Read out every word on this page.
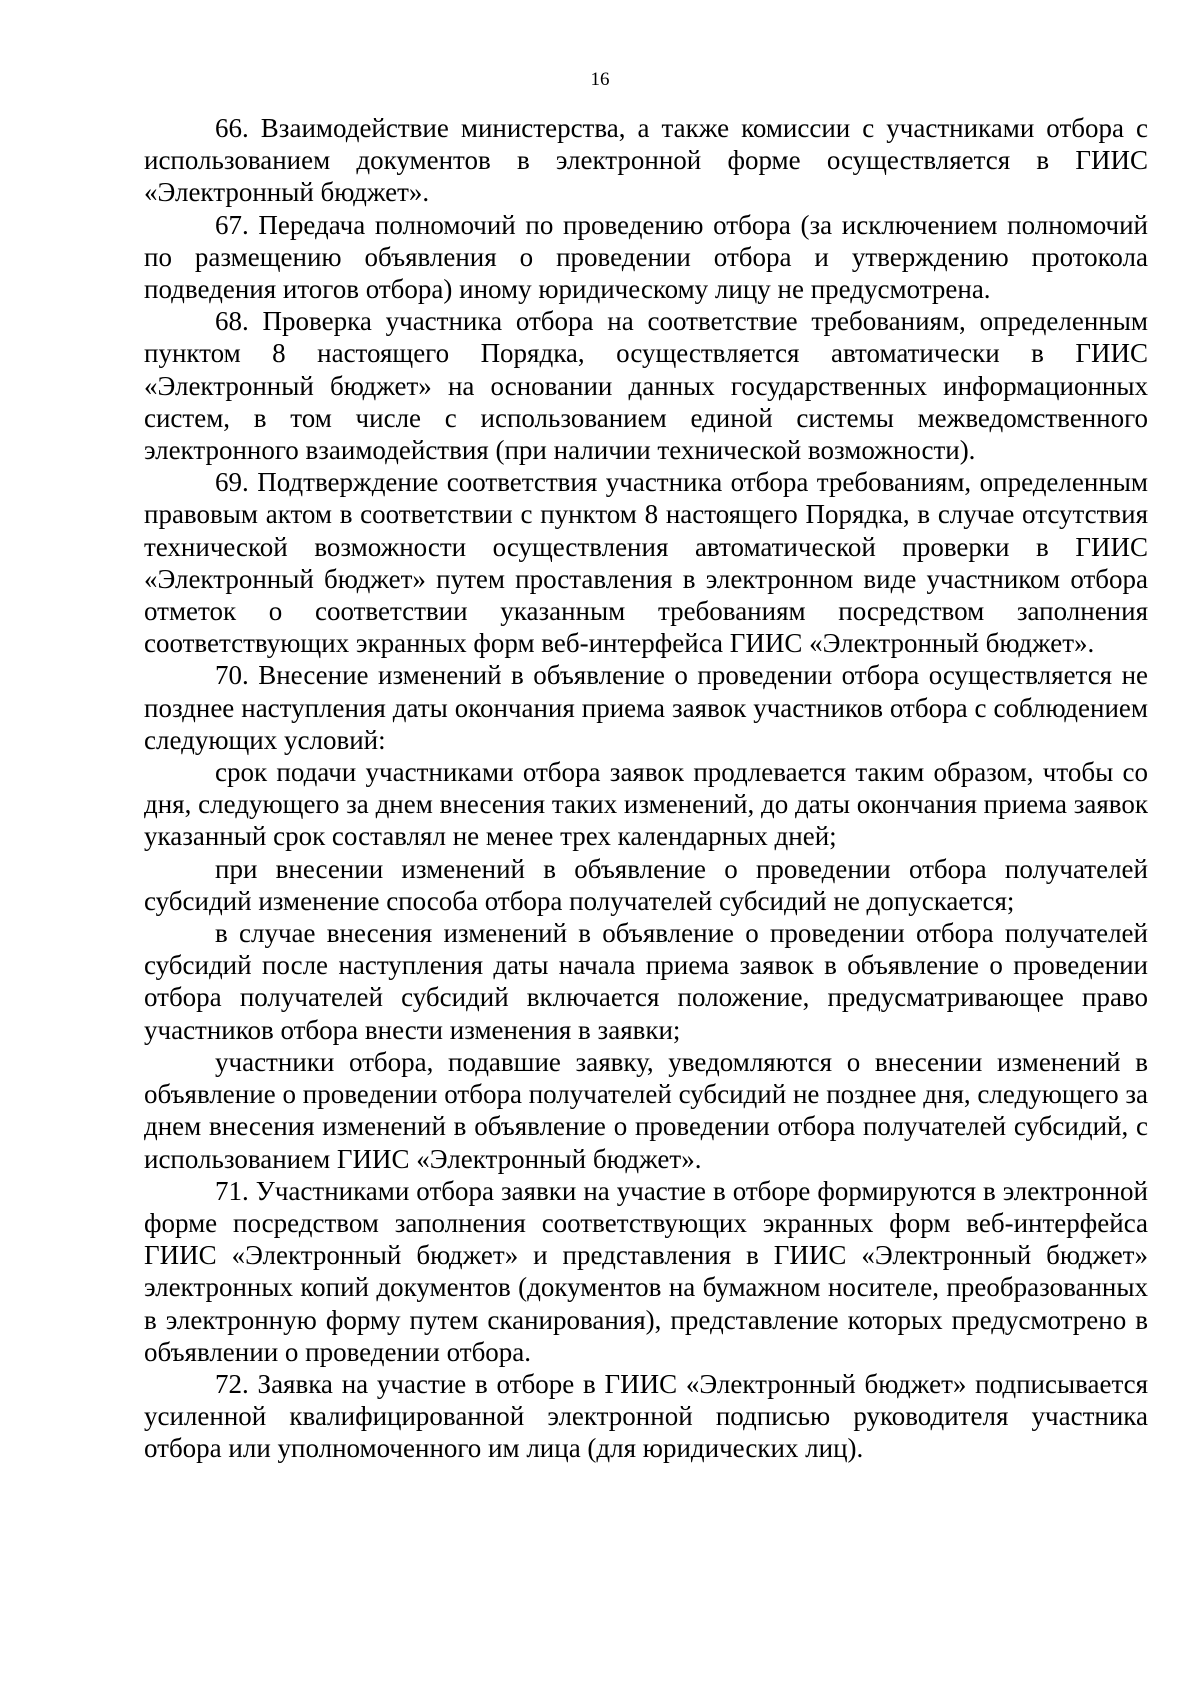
16

66. Взаимодействие министерства, а также комиссии с участниками отбора с использованием документов в электронной форме осуществляется в ГИИС «Электронный бюджет».

67. Передача полномочий по проведению отбора (за исключением полномочий по размещению объявления о проведении отбора и утверждению протокола подведения итогов отбора) иному юридическому лицу не предусмотрена.

68. Проверка участника отбора на соответствие требованиям, определенным пунктом 8 настоящего Порядка, осуществляется автоматически в ГИИС «Электронный бюджет» на основании данных государственных информационных систем, в том числе с использованием единой системы межведомственного электронного взаимодействия (при наличии технической возможности).

69. Подтверждение соответствия участника отбора требованиям, определенным правовым актом в соответствии с пунктом 8 настоящего Порядка, в случае отсутствия технической возможности осуществления автоматической проверки в ГИИС «Электронный бюджет» путем проставления в электронном виде участником отбора отметок о соответствии указанным требованиям посредством заполнения соответствующих экранных форм веб-интерфейса ГИИС «Электронный бюджет».

70. Внесение изменений в объявление о проведении отбора осуществляется не позднее наступления даты окончания приема заявок участников отбора с соблюдением следующих условий:

срок подачи участниками отбора заявок продлевается таким образом, чтобы со дня, следующего за днем внесения таких изменений, до даты окончания приема заявок указанный срок составлял не менее трех календарных дней;

при внесении изменений в объявление о проведении отбора получателей субсидий изменение способа отбора получателей субсидий не допускается;

в случае внесения изменений в объявление о проведении отбора получателей субсидий после наступления даты начала приема заявок в объявление о проведении отбора получателей субсидий включается положение, предусматривающее право участников отбора внести изменения в заявки;

участники отбора, подавшие заявку, уведомляются о внесении изменений в объявление о проведении отбора получателей субсидий не позднее дня, следующего за днем внесения изменений в объявление о проведении отбора получателей субсидий, с использованием ГИИС «Электронный бюджет».

71. Участниками отбора заявки на участие в отборе формируются в электронной форме посредством заполнения соответствующих экранных форм веб-интерфейса ГИИС «Электронный бюджет» и представления в ГИИС «Электронный бюджет» электронных копий документов (документов на бумажном носителе, преобразованных в электронную форму путем сканирования), представление которых предусмотрено в объявлении о проведении отбора.

72. Заявка на участие в отборе в ГИИС «Электронный бюджет» подписывается усиленной квалифицированной электронной подписью руководителя участника отбора или уполномоченного им лица (для юридических лиц).
